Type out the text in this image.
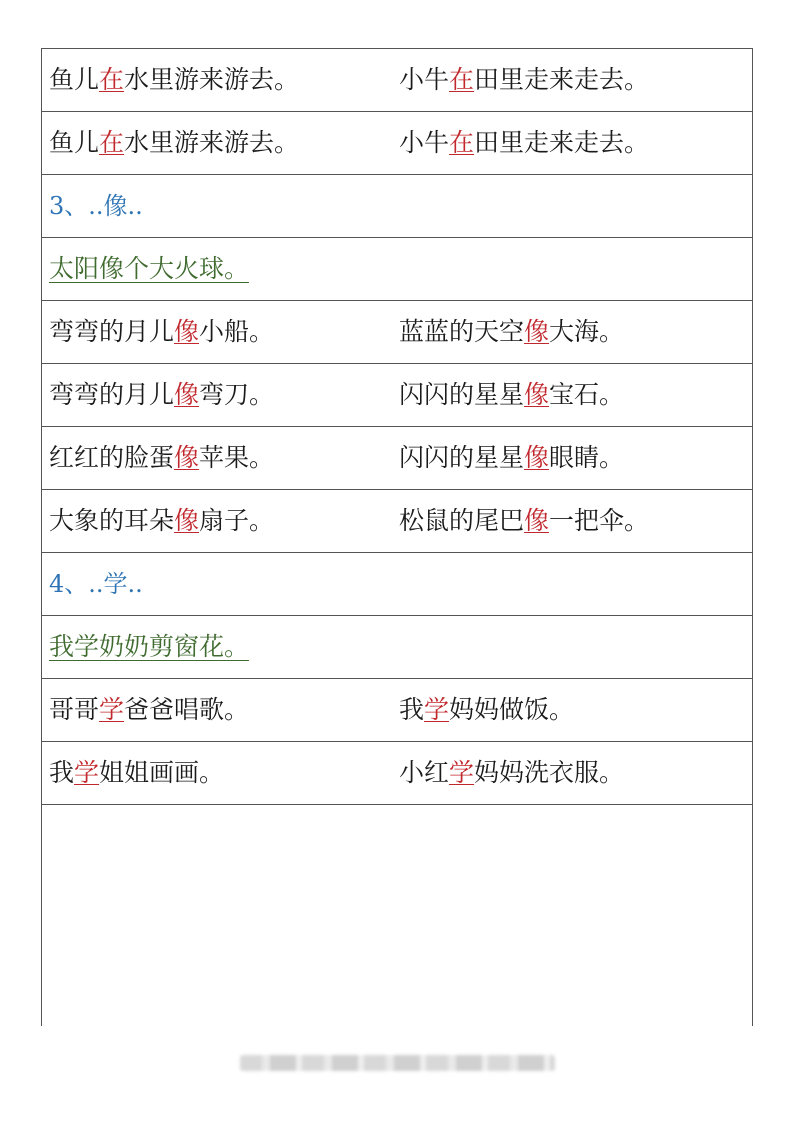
鱼儿在水里游来游去。	小牛在田里走来走去。
鱼儿在水里游来游去。	小牛在田里走来走去。
3、..像..
太阳像个大火球。
弯弯的月儿像小船。	蓝蓝的天空像大海。
弯弯的月儿像弯刀。	闪闪的星星像宝石。
红红的脸蛋像苹果。	闪闪的星星像眼睛。
大象的耳朵像扇子。	松鼠的尾巴像一把伞。
4、..学..
我学奶奶剪窗花。
哥哥学爸爸唱歌。	我学妈妈做饭。
我学姐姐画画。	小红学妈妈洗衣服。
